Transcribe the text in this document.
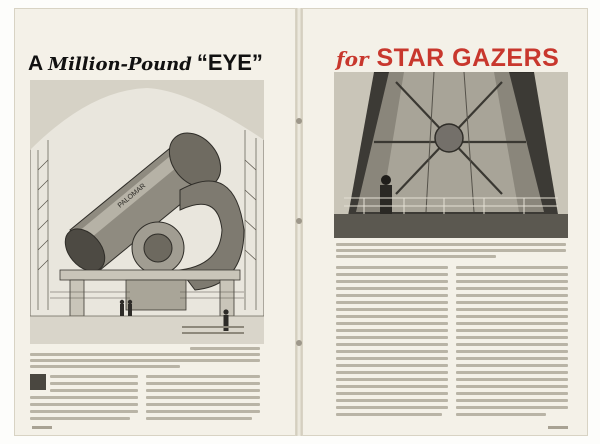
A Million-Pound “EYE”	for STAR GAZERS
PALOMAR
